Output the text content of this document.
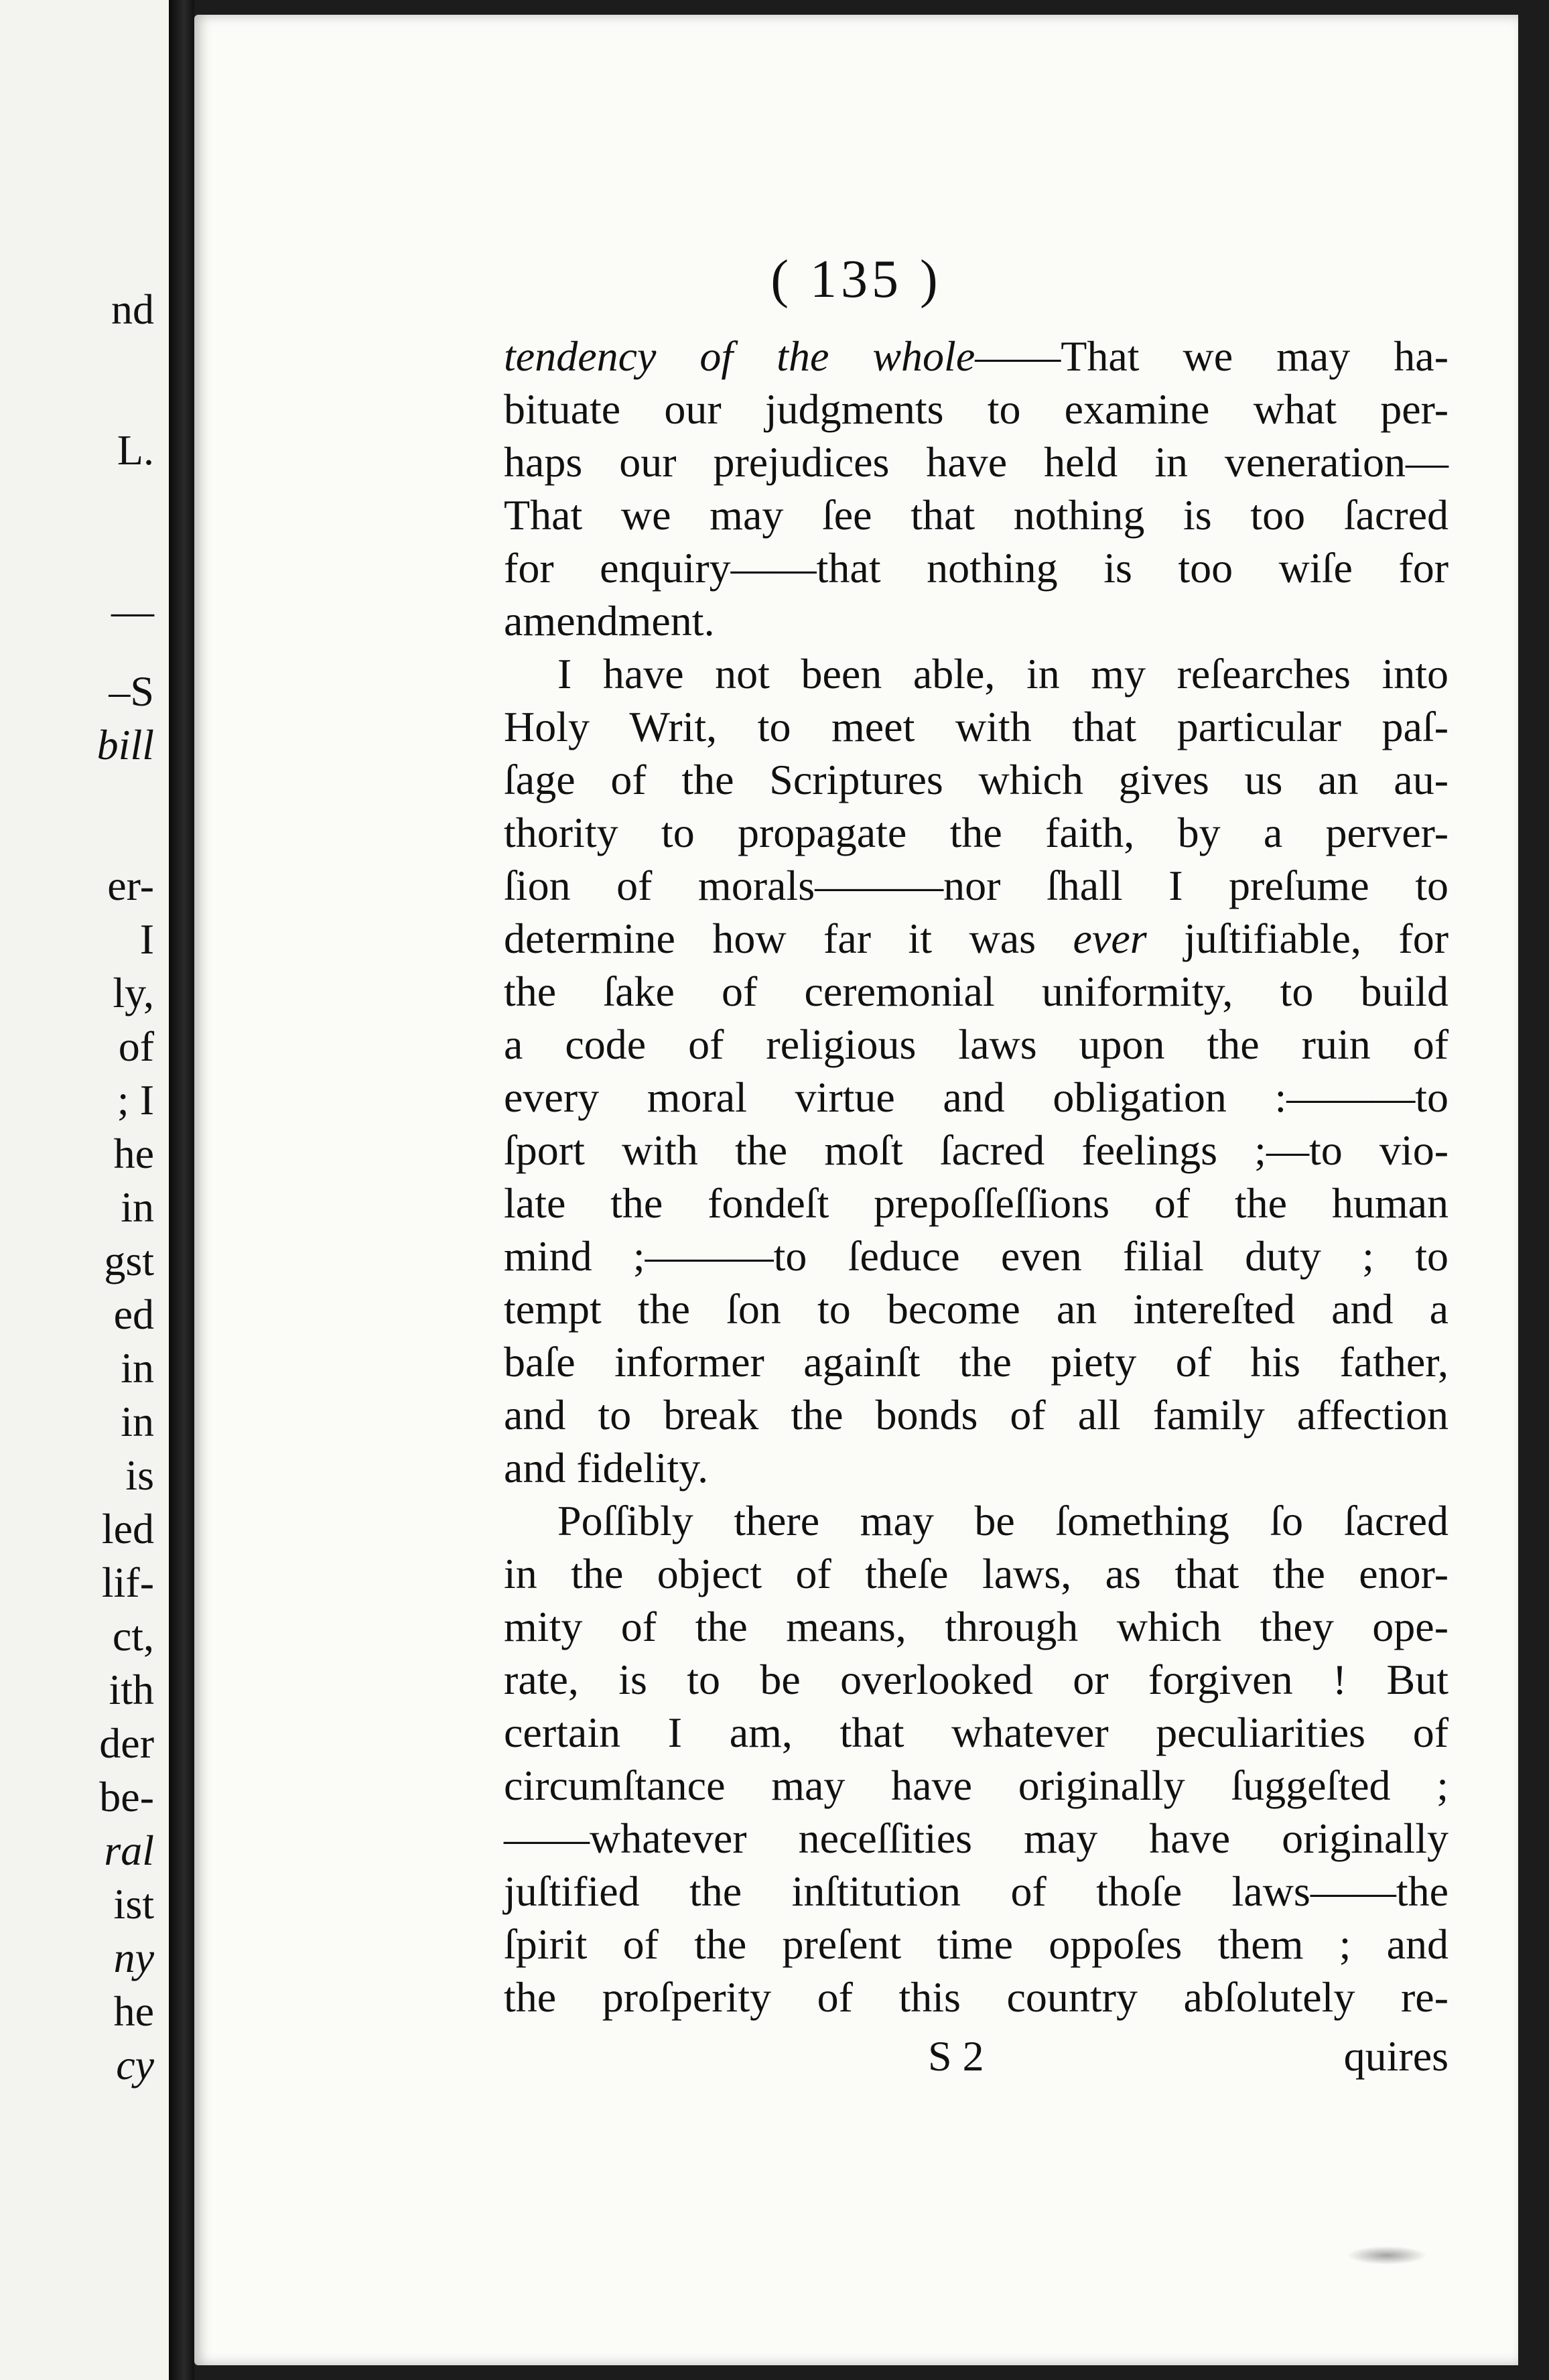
nd
L.
—
–S
bill
er-
I
ly,
of
; I
he
in
gst
ed
in
in
is
led
lif-
ct,
ith
der
be-
ral
ist
ny
he
cy
( 135 )
tendency of the whole——That we may ha-
bituate our judgments to examine what per-
haps our prejudices have held in veneration—
That we may ſee that nothing is too ſacred
for enquiry——that nothing is too wiſe for
amendment.
I have not been able, in my reſearches into
Holy Writ, to meet with that particular paſ-
ſage of the Scriptures which gives us an au-
thority to propagate the faith, by a perver-
ſion of morals———nor ſhall I preſume to
determine how far it was ever juſtifiable, for
the ſake of ceremonial uniformity, to build
a code of religious laws upon the ruin of
every moral virtue and obligation :———to
ſport with the moſt ſacred feelings ;—to vio-
late the fondeſt prepoſſeſſions of the human
mind ;———to ſeduce even filial duty ; to
tempt the ſon to become an intereſted and a
baſe informer againſt the piety of his father,
and to break the bonds of all family affection
and fidelity.
Poſſibly there may be ſomething ſo ſacred
in the object of theſe laws, as that the enor-
mity of the means, through which they ope-
rate, is to be overlooked or forgiven ! But
certain I am, that whatever peculiarities of
circumſtance may have originally ſuggeſted ;
——whatever neceſſities may have originally
juſtified the inſtitution of thoſe laws——the
ſpirit of the preſent time oppoſes them ; and
the proſperity of this country abſolutely re-
S 2	quires
